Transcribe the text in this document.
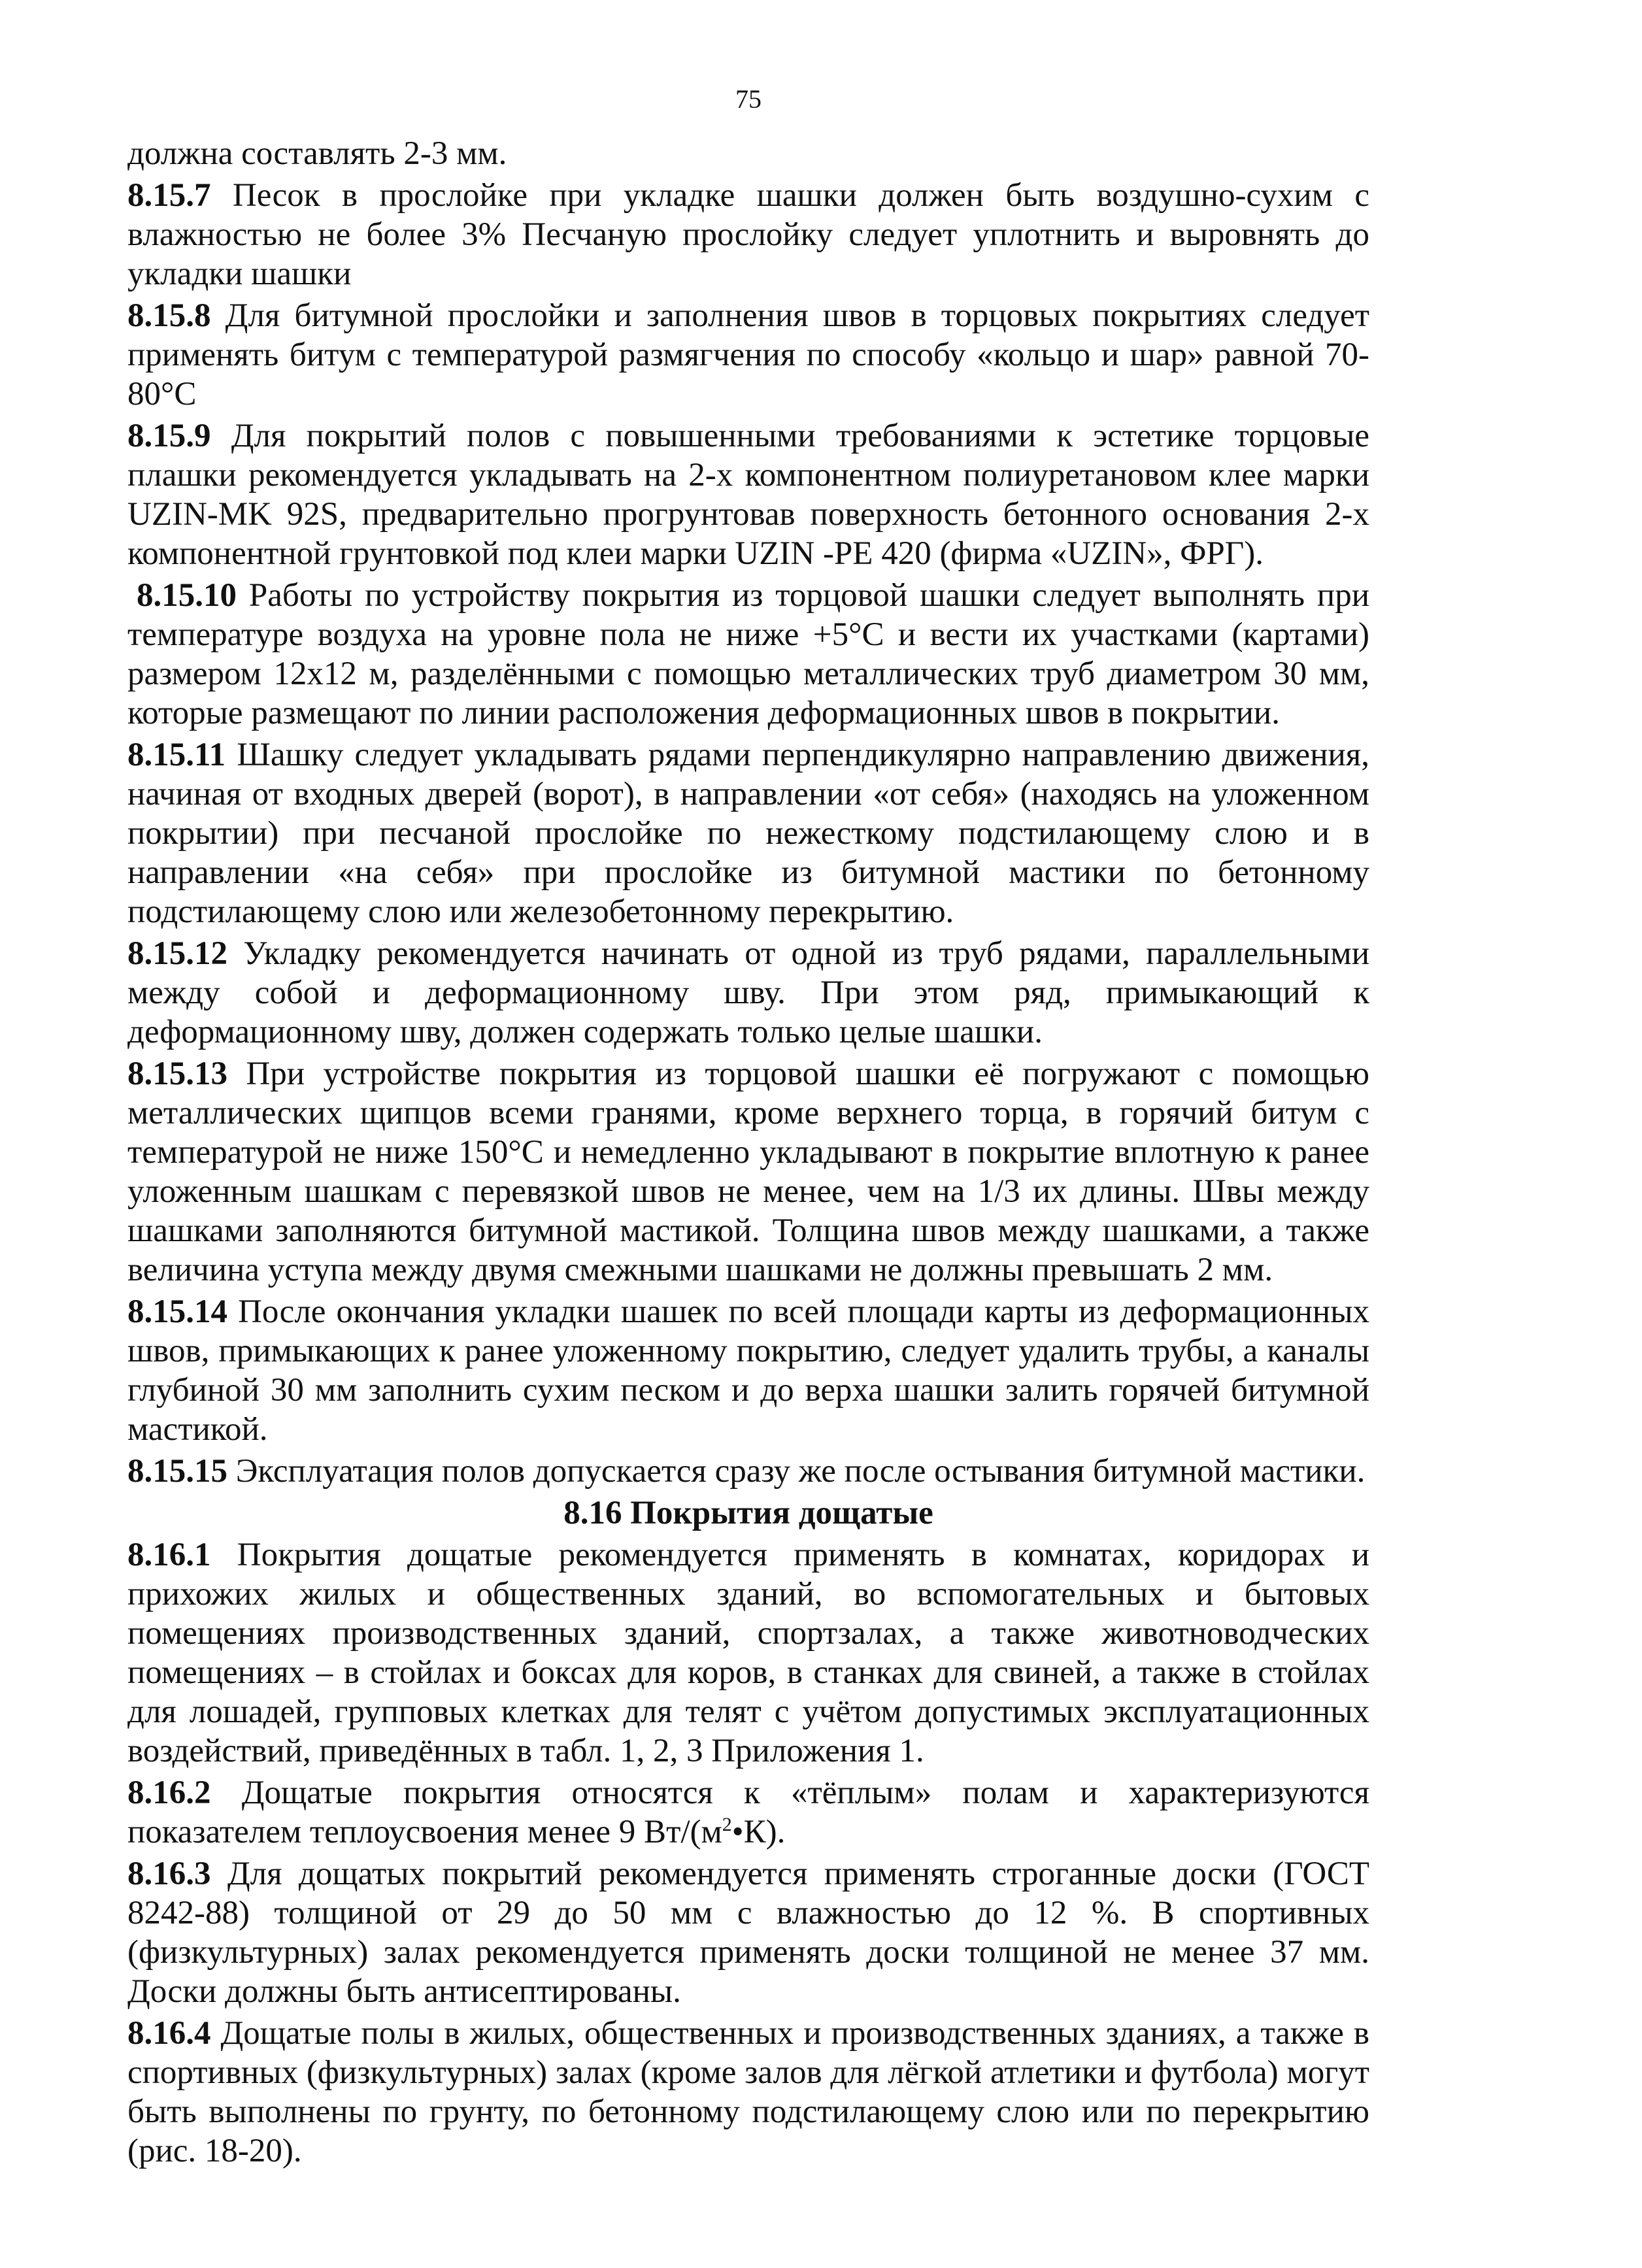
75

должна составлять 2-3 мм.

8.15.7 Песок в прослойке при укладке шашки должен быть воздушно-сухим с влажностью не более 3% Песчаную прослойку следует уплотнить и выровнять до укладки шашки

8.15.8 Для битумной прослойки и заполнения швов в торцовых покрытиях следует применять битум с температурой размягчения по способу «кольцо и шар» равной 70-80°С

8.15.9 Для покрытий полов с повышенными требованиями к эстетике торцовые плашки рекомендуется укладывать на 2-х компонентном полиуретановом клее марки UZIN-MK 92S, предварительно прогрунтовав поверхность бетонного основания 2-х компонентной грунтовкой под клеи марки UZIN -PE 420 (фирма «UZIN», ФРГ).

8.15.10 Работы по устройству покрытия из торцовой шашки следует выполнять при температуре воздуха на уровне пола не ниже +5°С и вести их участками (картами) размером 12х12 м, разделёнными с помощью металлических труб диаметром 30 мм, которые размещают по линии расположения деформационных швов в покрытии.

8.15.11 Шашку следует укладывать рядами перпендикулярно направлению движения, начиная от входных дверей (ворот), в направлении «от себя» (находясь на уложенном покрытии) при песчаной прослойке по нежесткому подстилающему слою и в направлении «на себя» при прослойке из битумной мастики по бетонному подстилающему слою или железобетонному перекрытию.

8.15.12 Укладку рекомендуется начинать от одной из труб рядами, параллельными между собой и деформационному шву. При этом ряд, примыкающий к деформационному шву, должен содержать только целые шашки.

8.15.13 При устройстве покрытия из торцовой шашки её погружают с помощью металлических щипцов всеми гранями, кроме верхнего торца, в горячий битум с температурой не ниже 150°С и немедленно укладывают в покрытие вплотную к ранее уложенным шашкам с перевязкой швов не менее, чем на 1/3 их длины. Швы между шашками заполняются битумной мастикой. Толщина швов между шашками, а также величина уступа между двумя смежными шашками не должны превышать 2 мм.

8.15.14 После окончания укладки шашек по всей площади карты из деформационных швов, примыкающих к ранее уложенному покрытию, следует удалить трубы, а каналы глубиной 30 мм заполнить сухим песком и до верха шашки залить горячей битумной мастикой.

8.15.15 Эксплуатация полов допускается сразу же после остывания битумной мастики.

8.16 Покрытия дощатые

8.16.1 Покрытия дощатые рекомендуется применять в комнатах, коридорах и прихожих жилых и общественных зданий, во вспомогательных и бытовых помещениях производственных зданий, спортзалах, а также животноводческих помещениях – в стойлах и боксах для коров, в станках для свиней, а также в стойлах для лошадей, групповых клетках для телят с учётом допустимых эксплуатационных воздействий, приведённых в табл. 1, 2, 3 Приложения 1.

8.16.2 Дощатые покрытия относятся к «тёплым» полам и характеризуются показателем теплоусвоения менее 9 $Вт/(м^2•К)$.

8.16.3 Для дощатых покрытий рекомендуется применять строганные доски (ГОСТ 8242-88) толщиной от 29 до 50 мм с влажностью до 12 %. В спортивных (физкультурных) залах рекомендуется применять доски толщиной не менее 37 мм. Доски должны быть антисептированы.

8.16.4 Дощатые полы в жилых, общественных и производственных зданиях, а также в спортивных (физкультурных) залах (кроме залов для лёгкой атлетики и футбола) могут быть выполнены по грунту, по бетонному подстилающему слою или по перекрытию (рис. 18-20).
